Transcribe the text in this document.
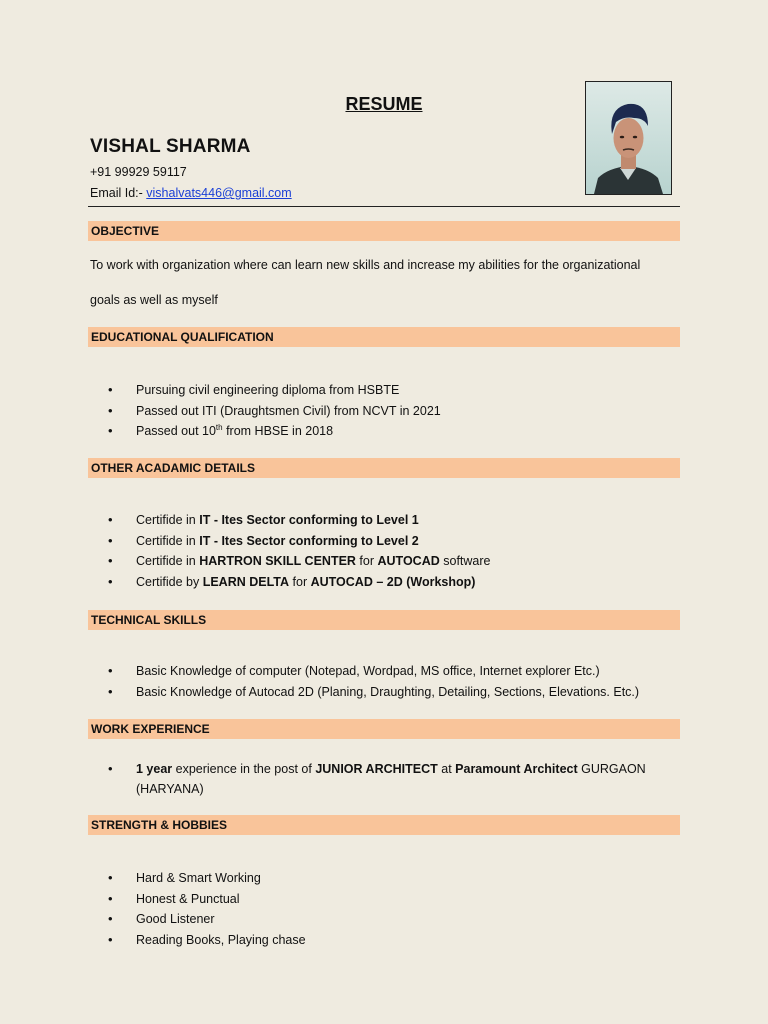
RESUME
VISHAL SHARMA
+91 99929 59117
Email Id:- vishalvats446@gmail.com
OBJECTIVE
To work with organization where can learn new skills and increase my abilities for the organizational
goals as well as myself
EDUCATIONAL QUALIFICATION
• Pursuing civil engineering diploma from HSBTE
• Passed out ITI (Draughtsmen Civil) from NCVT in 2021
• Passed out 10th from HBSE in 2018
OTHER ACADAMIC DETAILS
• Certifide in IT - Ites Sector conforming to Level 1
• Certifide in IT - Ites Sector conforming to Level 2
• Certifide in HARTRON SKILL CENTER for AUTOCAD software
• Certifide by LEARN DELTA for AUTOCAD – 2D (Workshop)
TECHNICAL SKILLS
• Basic Knowledge of computer (Notepad, Wordpad, MS office, Internet explorer Etc.)
• Basic Knowledge of Autocad 2D (Planing, Draughting, Detailing, Sections, Elevations. Etc.)
WORK EXPERIENCE
• 1 year experience in the post of JUNIOR ARCHITECT at Paramount Architect GURGAON (HARYANA)
STRENGTH & HOBBIES
• Hard & Smart Working
• Honest & Punctual
• Good Listener
• Reading Books, Playing chase
